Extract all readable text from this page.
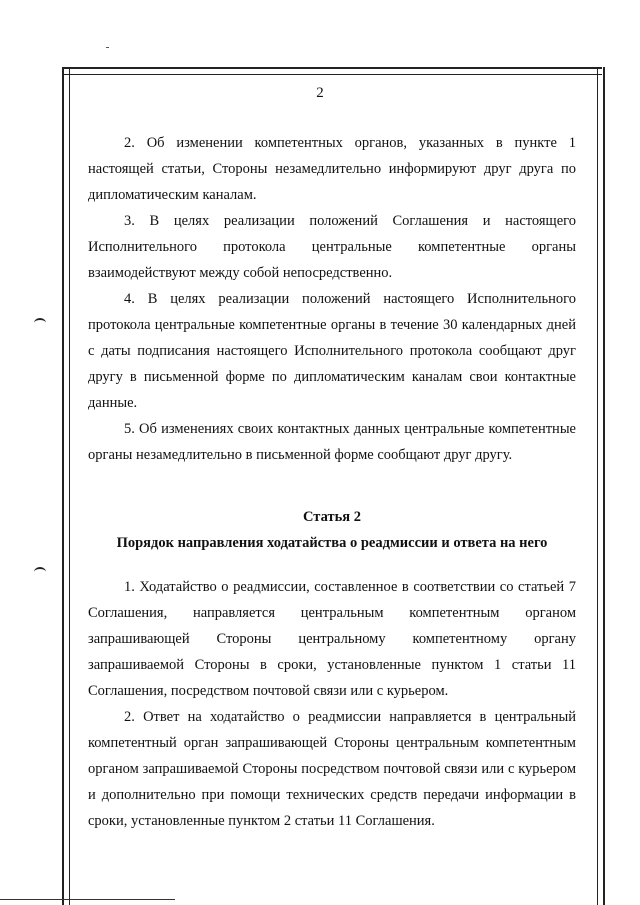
2

2. Об изменении компетентных органов, указанных в пункте 1 настоящей статьи, Стороны незамедлительно информируют друг друга по дипломатическим каналам.

3. В целях реализации положений Соглашения и настоящего Исполнительного протокола центральные компетентные органы взаимодействуют между собой непосредственно.

4. В целях реализации положений настоящего Исполнительного протокола центральные компетентные органы в течение 30 календарных дней с даты подписания настоящего Исполнительного протокола сообщают друг другу в письменной форме по дипломатическим каналам свои контактные данные.

5. Об изменениях своих контактных данных центральные компетентные органы незамедлительно в письменной форме сообщают друг другу.

Статья 2

Порядок направления ходатайства о реадмиссии и ответа на него

1. Ходатайство о реадмиссии, составленное в соответствии со статьей 7 Соглашения, направляется центральным компетентным органом запрашивающей Стороны центральному компетентному органу запрашиваемой Стороны в сроки, установленные пунктом 1 статьи 11 Соглашения, посредством почтовой связи или с курьером.

2. Ответ на ходатайство о реадмиссии направляется в центральный компетентный орган запрашивающей Стороны центральным компетентным органом запрашиваемой Стороны посредством почтовой связи или с курьером и дополнительно при помощи технических средств передачи информации в сроки, установленные пунктом 2 статьи 11 Соглашения.
